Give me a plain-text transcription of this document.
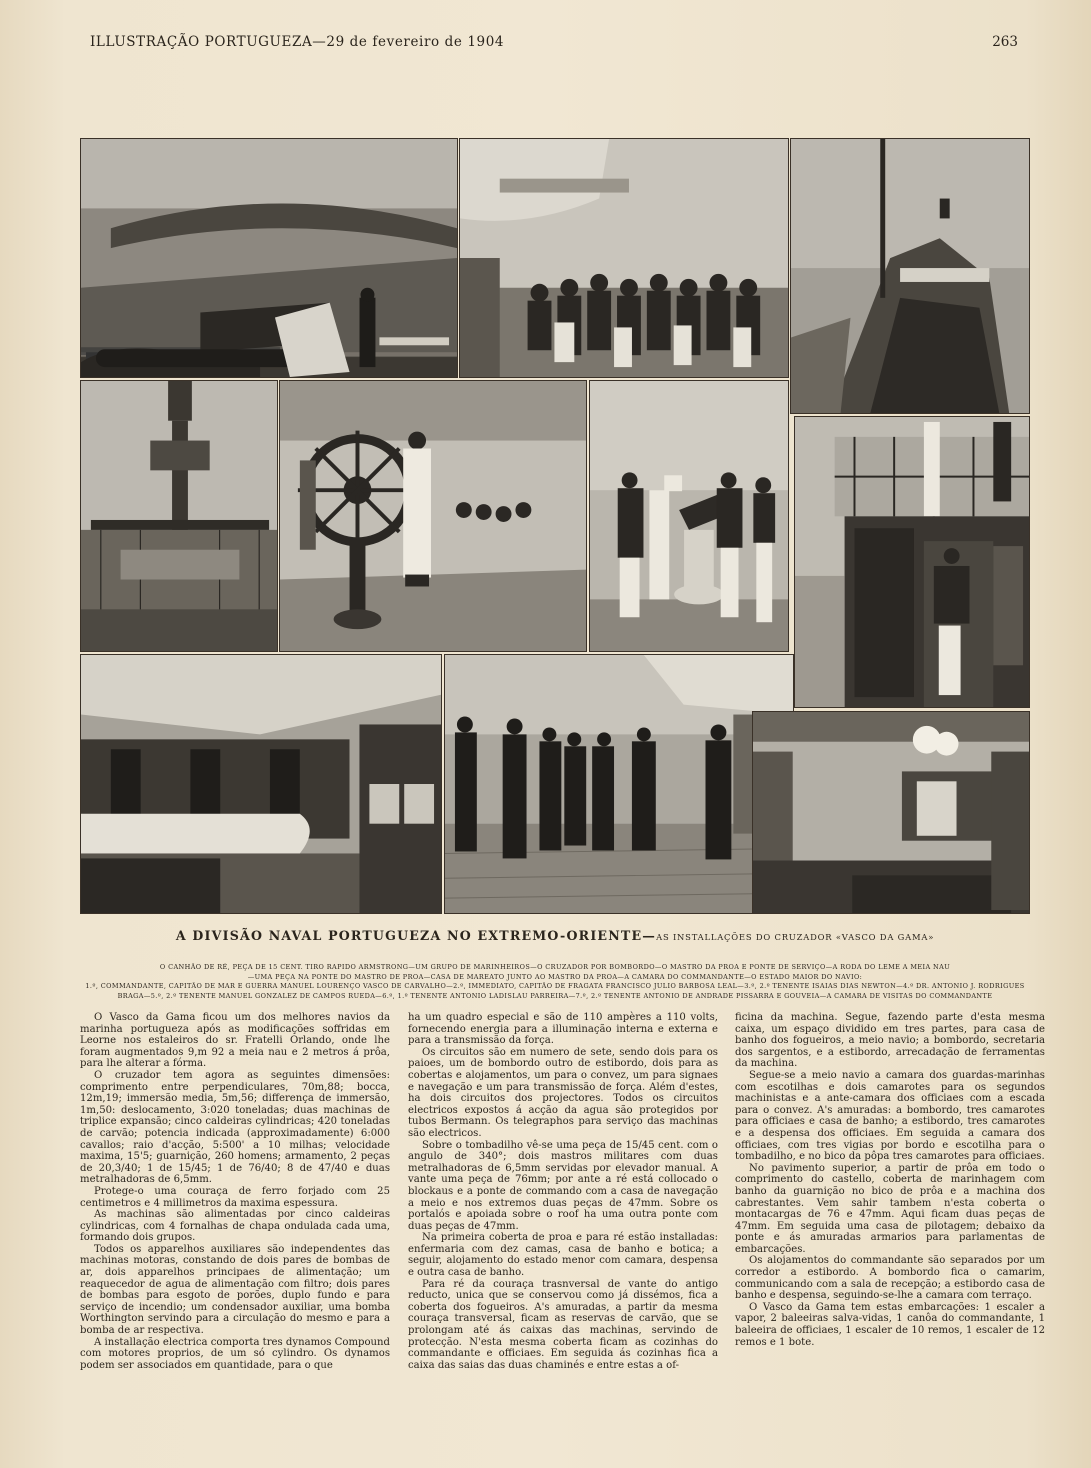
ILLUSTRAÇÃO PORTUGUEZA—29 de fevereiro de 1904	263
A DIVISÃO NAVAL PORTUGUEZA NO EXTREMO-ORIENTE—AS INSTALLAÇÕES DO CRUZADOR «VASCO DA GAMA»
O CANHÃO DE RÉ, PEÇA DE 15 CENT. TIRO RAPIDO ARMSTRONG—UM GRUPO DE MARINHEIROS—O CRUZADOR POR BOMBORDO—O MASTRO DA PROA E PONTE DE SERVIÇO—A RODA DO LEME A MEIA NAU
—UMA PEÇA NA PONTE DO MASTRO DE PROA—CASA DE MAREATO JUNTO AO MASTRO DA PROA—A CAMARA DO COMMANDANTE—O ESTADO MAIOR DO NAVIO:
1.º, COMMANDANTE, CAPITÃO DE MAR E GUERRA MANUEL LOURENÇO VASCO DE CARVALHO—2.º, IMMEDIATO, CAPITÃO DE FRAGATA FRANCISCO JULIO BARBOSA LEAL—3.º, 2.º TENENTE ISAIAS DIAS NEWTON—4.º DR. ANTONIO J. RODRIGUES
BRAGA—5.º, 2.º TENENTE MANUEL GONZALEZ DE CAMPOS RUEDA—6.º, 1.º TENENTE ANTONIO LADISLAU PARREIRA—7.º, 2.º TENENTE ANTONIO DE ANDRADE PISSARRA E GOUVEIA—A CAMARA DE VISITAS DO COMMANDANTE

O Vasco da Gama ficou um dos melhores navios da marinha portugueza após as modificações soffridas em Leorne nos estaleiros do sr. Fratelli Orlando, onde lhe foram augmentados 9,m 92 a meia nau e 2 metros á prôa, para lhe alterar a fórma.

O cruzador tem agora as seguintes dimensões: comprimento entre perpendiculares, 70m,88; bocca, 12m,19; immersão media, 5m,56; differença de immersão, 1m,50: deslocamento, 3:020 toneladas; duas machinas de triplice expansão; cinco caldeiras cylindricas; 420 toneladas de carvão; potencia indicada (approximadamente) 6:000 cavallos; raio d'acção, 5:500' a 10 milhas; velocidade maxima, 15'5; guarnição, 260 homens; armamento, 2 peças de 20,3/40; 1 de 15/45; 1 de 76/40; 8 de 47/40 e duas metralhadoras de 6,5mm.

Protege-o uma couraça de ferro forjado com 25 centimetros e 4 millimetros da maxima espessura.

As machinas são alimentadas por cinco caldeiras cylindricas, com 4 fornalhas de chapa ondulada cada uma, formando dois grupos.

Todos os apparelhos auxiliares são independentes das machinas motoras, constando de dois pares de bombas de ar, dois apparelhos principaes de alimentação; um reaquecedor de agua de alimentação com filtro; dois pares de bombas para esgoto de porões, duplo fundo e para serviço de incendio; um condensador auxiliar, uma bomba Worthington servindo para a circulação do mesmo e para a bomba de ar respectiva.

A installação electrica comporta tres dynamos Compound com motores proprios, de um só cylindro. Os dynamos podem ser associados em quantidade, para o que

ha um quadro especial e são de 110 ampères a 110 volts, fornecendo energia para a illuminação interna e externa e para a transmissão da força.

Os circuitos são em numero de sete, sendo dois para os paioes, um de bombordo outro de estibordo, dois para as cobertas e alojamentos, um para o convez, um para signaes e navegação e um para transmissão de força. Além d'estes, ha dois circuitos dos projectores. Todos os circuitos electricos expostos á acção da agua são protegidos por tubos Bermann. Os telegraphos para serviço das machinas são electricos.

Sobre o tombadilho vê-se uma peça de 15/45 cent. com o angulo de 340°; dois mastros militares com duas metralhadoras de 6,5mm servidas por elevador manual. A vante uma peça de 76mm; por ante a ré está collocado o blockaus e a ponte de commando com a casa de navegação a meio e nos extremos duas peças de 47mm. Sobre os portalós e apoiada sobre o roof ha uma outra ponte com duas peças de 47mm.

Na primeira coberta de proa e para ré estão installadas: enfermaria com dez camas, casa de banho e botica; a seguir, alojamento do estado menor com camara, despensa e outra casa de banho.

Para ré da couraça trasnversal de vante do antigo reducto, unica que se conservou como já dissémos, fica a coberta dos fogueiros. A's amuradas, a partir da mesma couraça transversal, ficam as reservas de carvão, que se prolongam até ás caixas das machinas, servindo de protecção. N'esta mesma coberta ficam as cozinhas do commandante e officiaes. Em seguida ás cozinhas fica a caixa das saias das duas chaminés e entre estas a of-

ficina da machina. Segue, fazendo parte d'esta mesma caixa, um espaço dividido em tres partes, para casa de banho dos fogueiros, a meio navio; a bombordo, secretaria dos sargentos, e a estibordo, arrecadação de ferramentas da machina.

Segue-se a meio navio a camara dos guardas-marinhas com escotilhas e dois camarotes para os segundos machinistas e a ante-camara dos officiaes com a escada para o convez. A's amuradas: a bombordo, tres camarotes para officiaes e casa de banho; a estibordo, tres camarotes e a despensa dos officiaes. Em seguida a camara dos officiaes, com tres vigias por bordo e escotilha para o tombadilho, e no bico da pôpa tres camarotes para officiaes.

No pavimento superior, a partir de prôa em todo o comprimento do castello, coberta de marinhagem com banho da guarnição no bico de prôa e a machina dos cabrestantes. Vem sahir tambem n'esta coberta o montacargas de 76 e 47mm. Aqui ficam duas peças de 47mm. Em seguida uma casa de pilotagem; debaixo da ponte e ás amuradas armarios para parlamentas de embarcações.

Os alojamentos do commandante são separados por um corredor a estibordo. A bombordo fica o camarim, communicando com a sala de recepção; a estibordo casa de banho e despensa, seguindo-se-lhe a camara com terraço.

O Vasco da Gama tem estas embarcações: 1 escaler a vapor, 2 baleeiras salva-vidas, 1 canôa do commandante, 1 baleeira de officiaes, 1 escaler de 10 remos, 1 escaler de 12 remos e 1 bote.
